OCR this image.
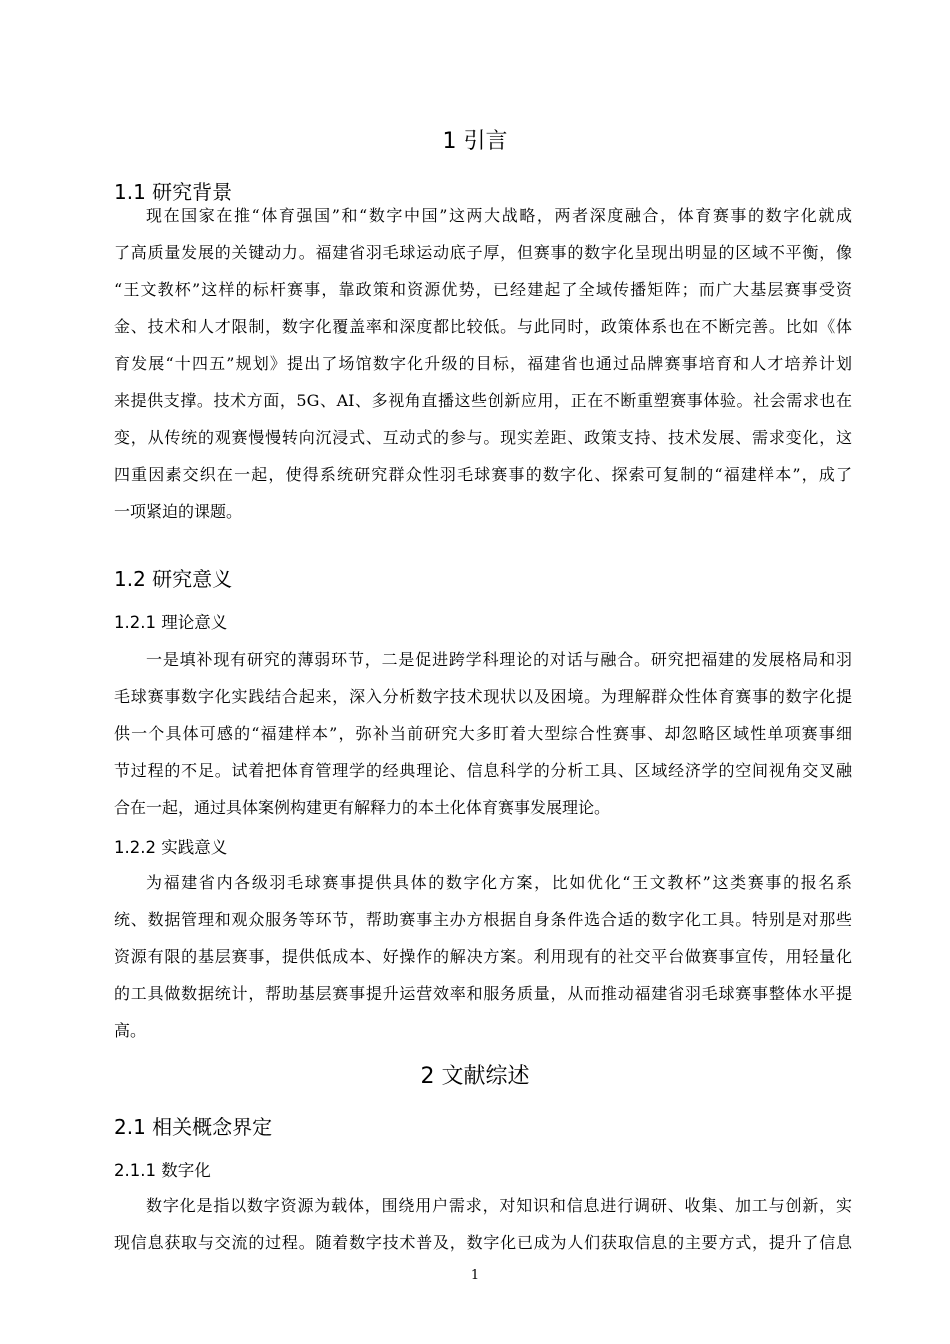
1 引言
1.1 研究背景
现在国家在推“体育强国”和“数字中国”这两大战略，两者深度融合，体育赛事的数字化就成
了高质量发展的关键动力。福建省羽毛球运动底子厚，但赛事的数字化呈现出明显的区域不平衡，像
“王文教杯”这样的标杆赛事，靠政策和资源优势，已经建起了全域传播矩阵；而广大基层赛事受资
金、技术和人才限制，数字化覆盖率和深度都比较低。与此同时，政策体系也在不断完善。比如《体
育发展“十四五”规划》提出了场馆数字化升级的目标，福建省也通过品牌赛事培育和人才培养计划
来提供支撑。技术方面，5G、AI、多视角直播这些创新应用，正在不断重塑赛事体验。社会需求也在
变，从传统的观赛慢慢转向沉浸式、互动式的参与。现实差距、政策支持、技术发展、需求变化，这
四重因素交织在一起，使得系统研究群众性羽毛球赛事的数字化、探索可复制的“福建样本”，成了
一项紧迫的课题。
1.2 研究意义
1.2.1 理论意义
一是填补现有研究的薄弱环节，二是促进跨学科理论的对话与融合。研究把福建的发展格局和羽
毛球赛事数字化实践结合起来，深入分析数字技术现状以及困境。为理解群众性体育赛事的数字化提
供一个具体可感的“福建样本”，弥补当前研究大多盯着大型综合性赛事、却忽略区域性单项赛事细
节过程的不足。试着把体育管理学的经典理论、信息科学的分析工具、区域经济学的空间视角交叉融
合在一起，通过具体案例构建更有解释力的本土化体育赛事发展理论。
1.2.2 实践意义
为福建省内各级羽毛球赛事提供具体的数字化方案，比如优化“王文教杯”这类赛事的报名系
统、数据管理和观众服务等环节，帮助赛事主办方根据自身条件选合适的数字化工具。特别是对那些
资源有限的基层赛事，提供低成本、好操作的解决方案。利用现有的社交平台做赛事宣传，用轻量化
的工具做数据统计，帮助基层赛事提升运营效率和服务质量，从而推动福建省羽毛球赛事整体水平提
高。
2 文献综述
2.1 相关概念界定
2.1.1 数字化
数字化是指以数字资源为载体，围绕用户需求，对知识和信息进行调研、收集、加工与创新，实
现信息获取与交流的过程。随着数字技术普及，数字化已成为人们获取信息的主要方式，提升了信息
1
